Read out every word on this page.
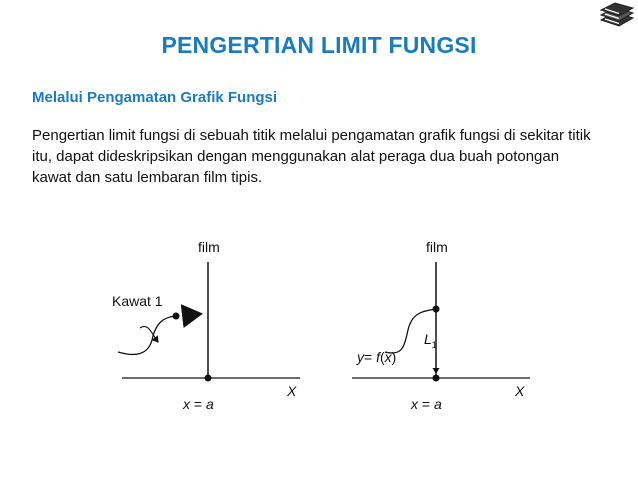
PENGERTIAN LIMIT FUNGSI
Melalui Pengamatan Grafik Fungsi

Pengertian limit fungsi di sebuah titik melalui pengamatan grafik fungsi di sekitar titik itu, dapat dideskripsikan dengan menggunakan alat peraga dua buah potongan kawat dan satu lembaran film tipis.

film
Kawat 1
X
x = a
film
$L_1$
y= f(x)
X
x = a
